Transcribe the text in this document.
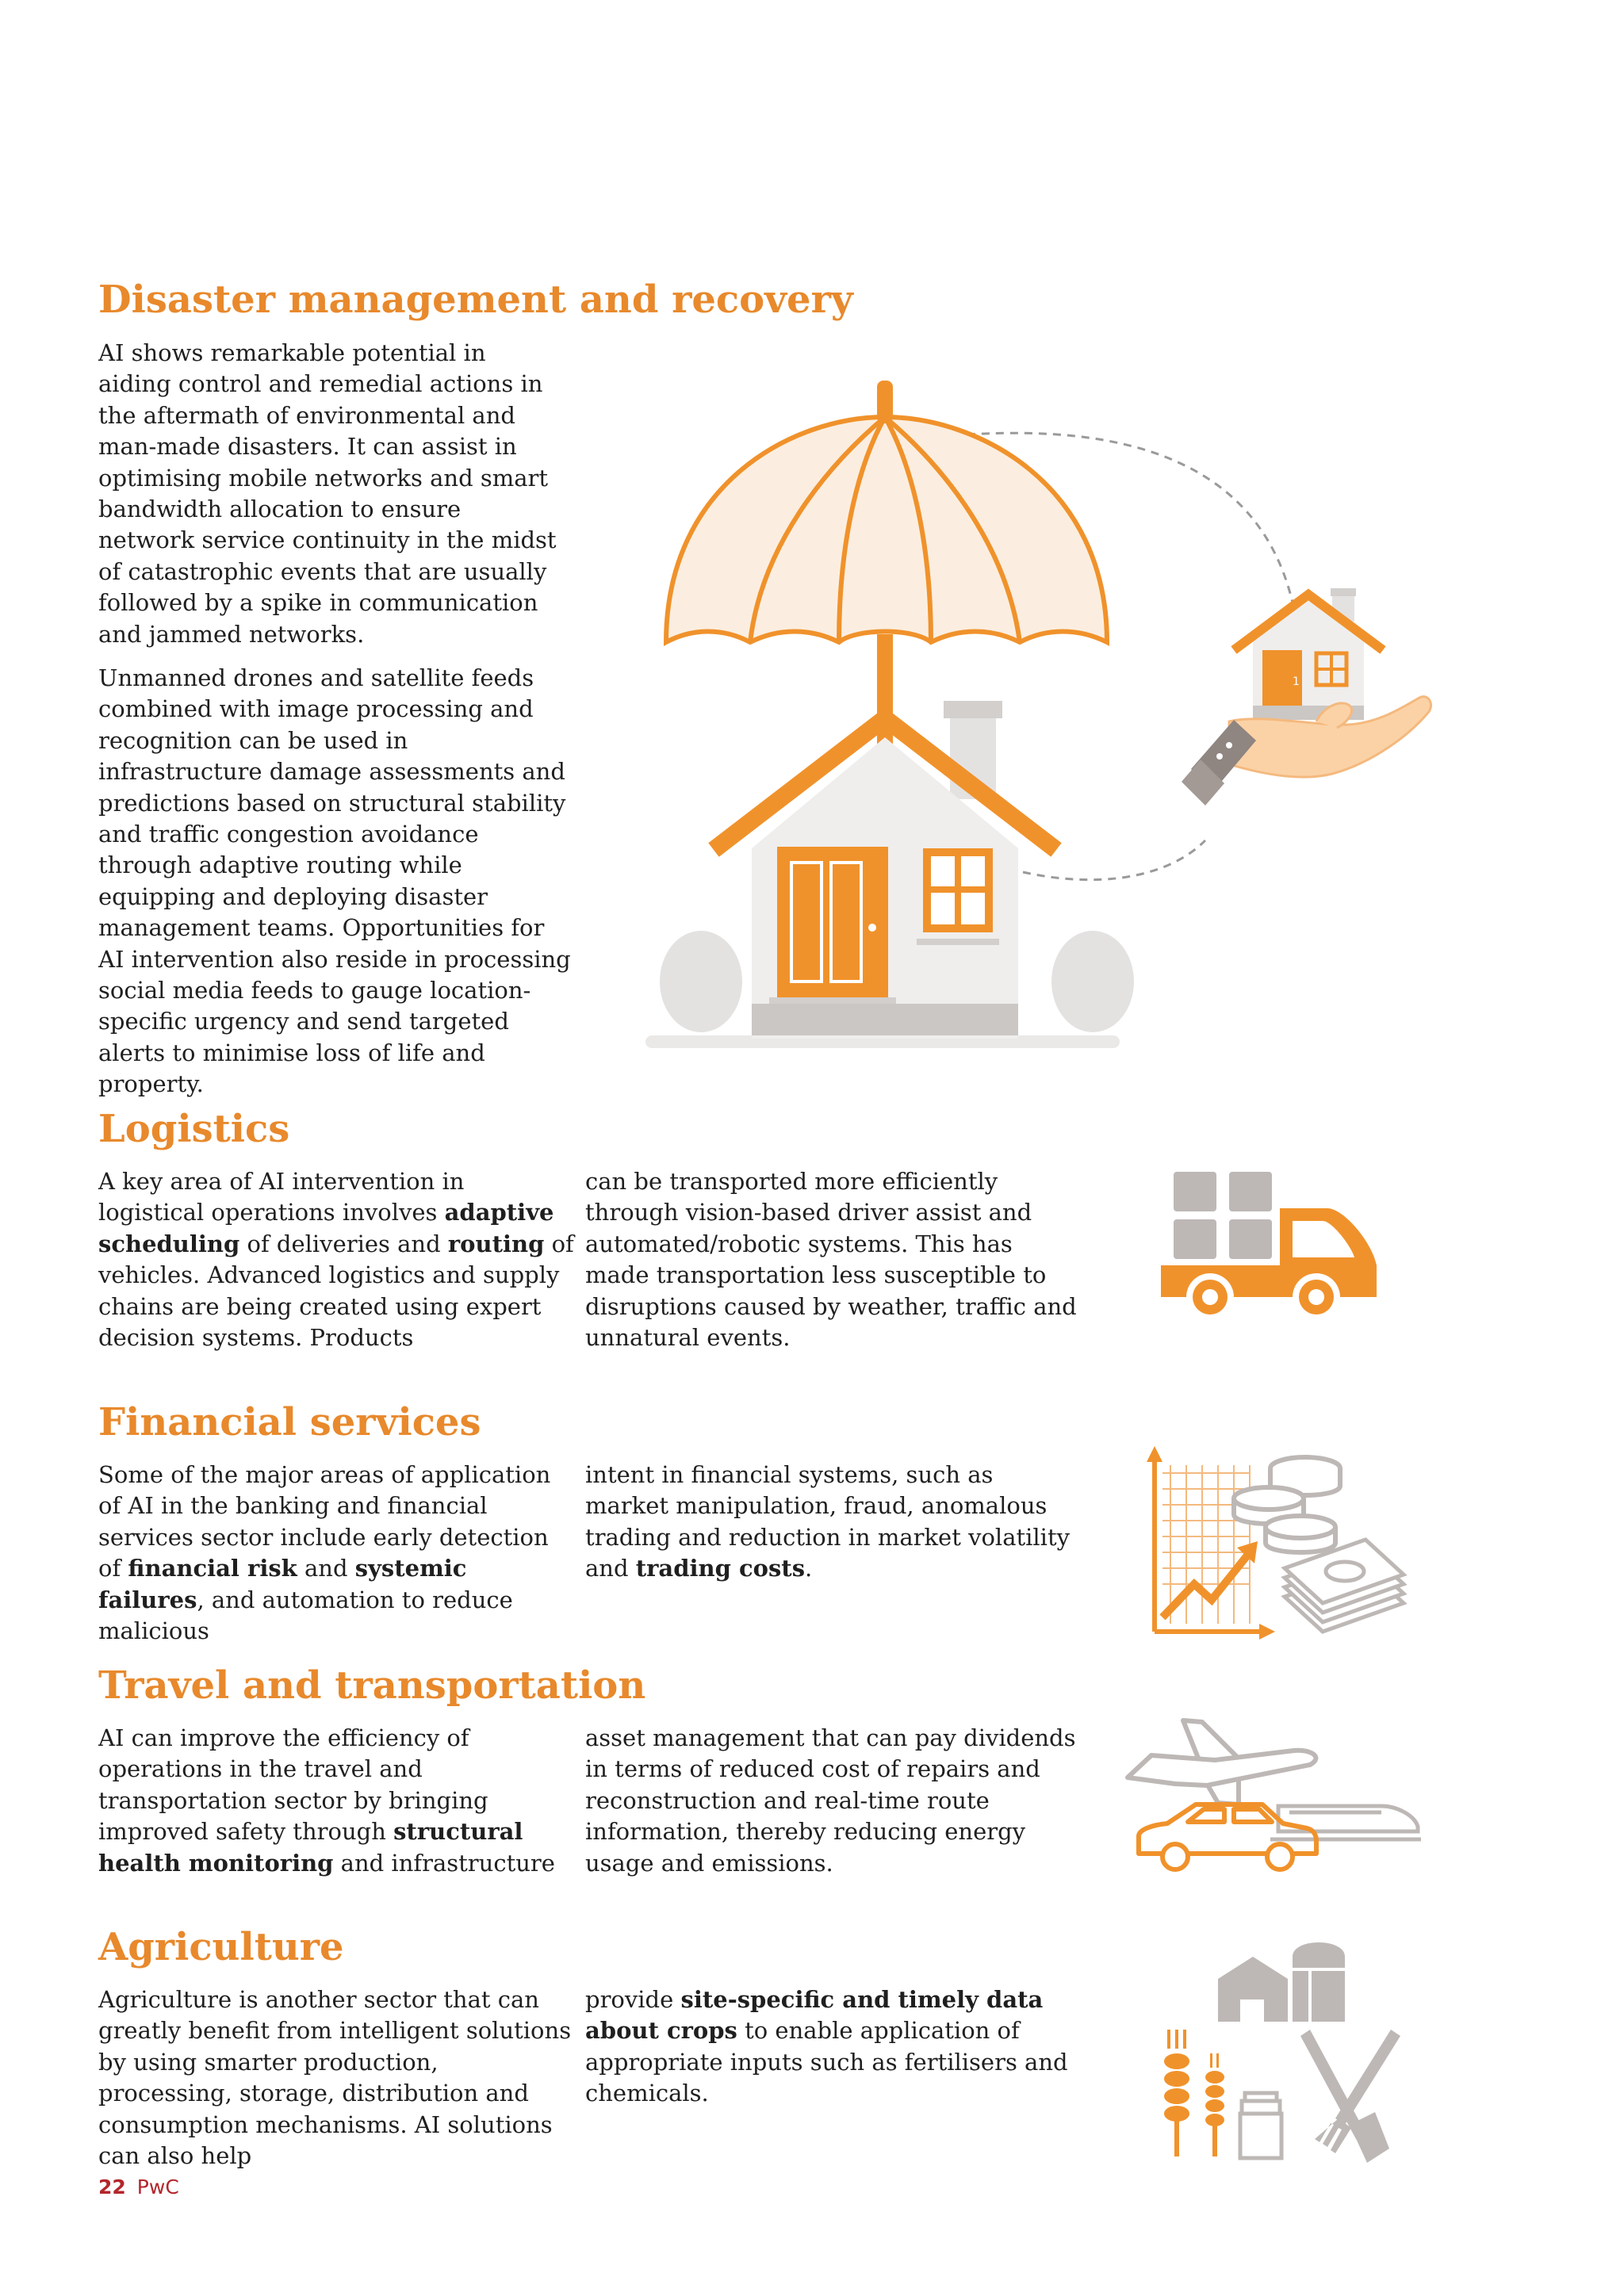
Disaster management and recovery

AI shows remarkable potential in aiding control and remedial actions in the aftermath of environmental and man-made disasters. It can assist in optimising mobile networks and smart bandwidth allocation to ensure network service continuity in the midst of catastrophic events that are usually followed by a spike in communication and jammed networks.

Unmanned drones and satellite feeds combined with image processing and recognition can be used in infrastructure damage assessments and predictions based on structural stability and traffic congestion avoidance through adaptive routing while equipping and deploying disaster management teams. Opportunities for AI intervention also reside in processing social media feeds to gauge location-specific urgency and send targeted alerts to minimise loss of life and property.

1
Logistics

A key area of AI intervention in logistical operations involves adaptive scheduling of deliveries and routing of vehicles. Advanced logistics and supply chains are being created using expert decision systems. Products

can be transported more efficiently through vision-based driver assist and automated/robotic systems. This has made transportation less susceptible to disruptions caused by weather, traffic and unnatural events.

Financial services

Some of the major areas of application of AI in the banking and financial services sector include early detection of financial risk and systemic failures, and automation to reduce malicious

intent in financial systems, such as market manipulation, fraud, anomalous trading and reduction in market volatility and trading costs.

Travel and transportation

AI can improve the efficiency of operations in the travel and transportation sector by bringing improved safety through structural health monitoring and infrastructure

asset management that can pay dividends in terms of reduced cost of repairs and reconstruction and real-time route information, thereby reducing energy usage and emissions.

Agriculture

Agriculture is another sector that can greatly benefit from intelligent solutions by using smarter production, processing, storage, distribution and consumption mechanisms. AI solutions can also help

provide site-specific and timely data about crops to enable application of appropriate inputs such as fertilisers and chemicals.

22 PwC
